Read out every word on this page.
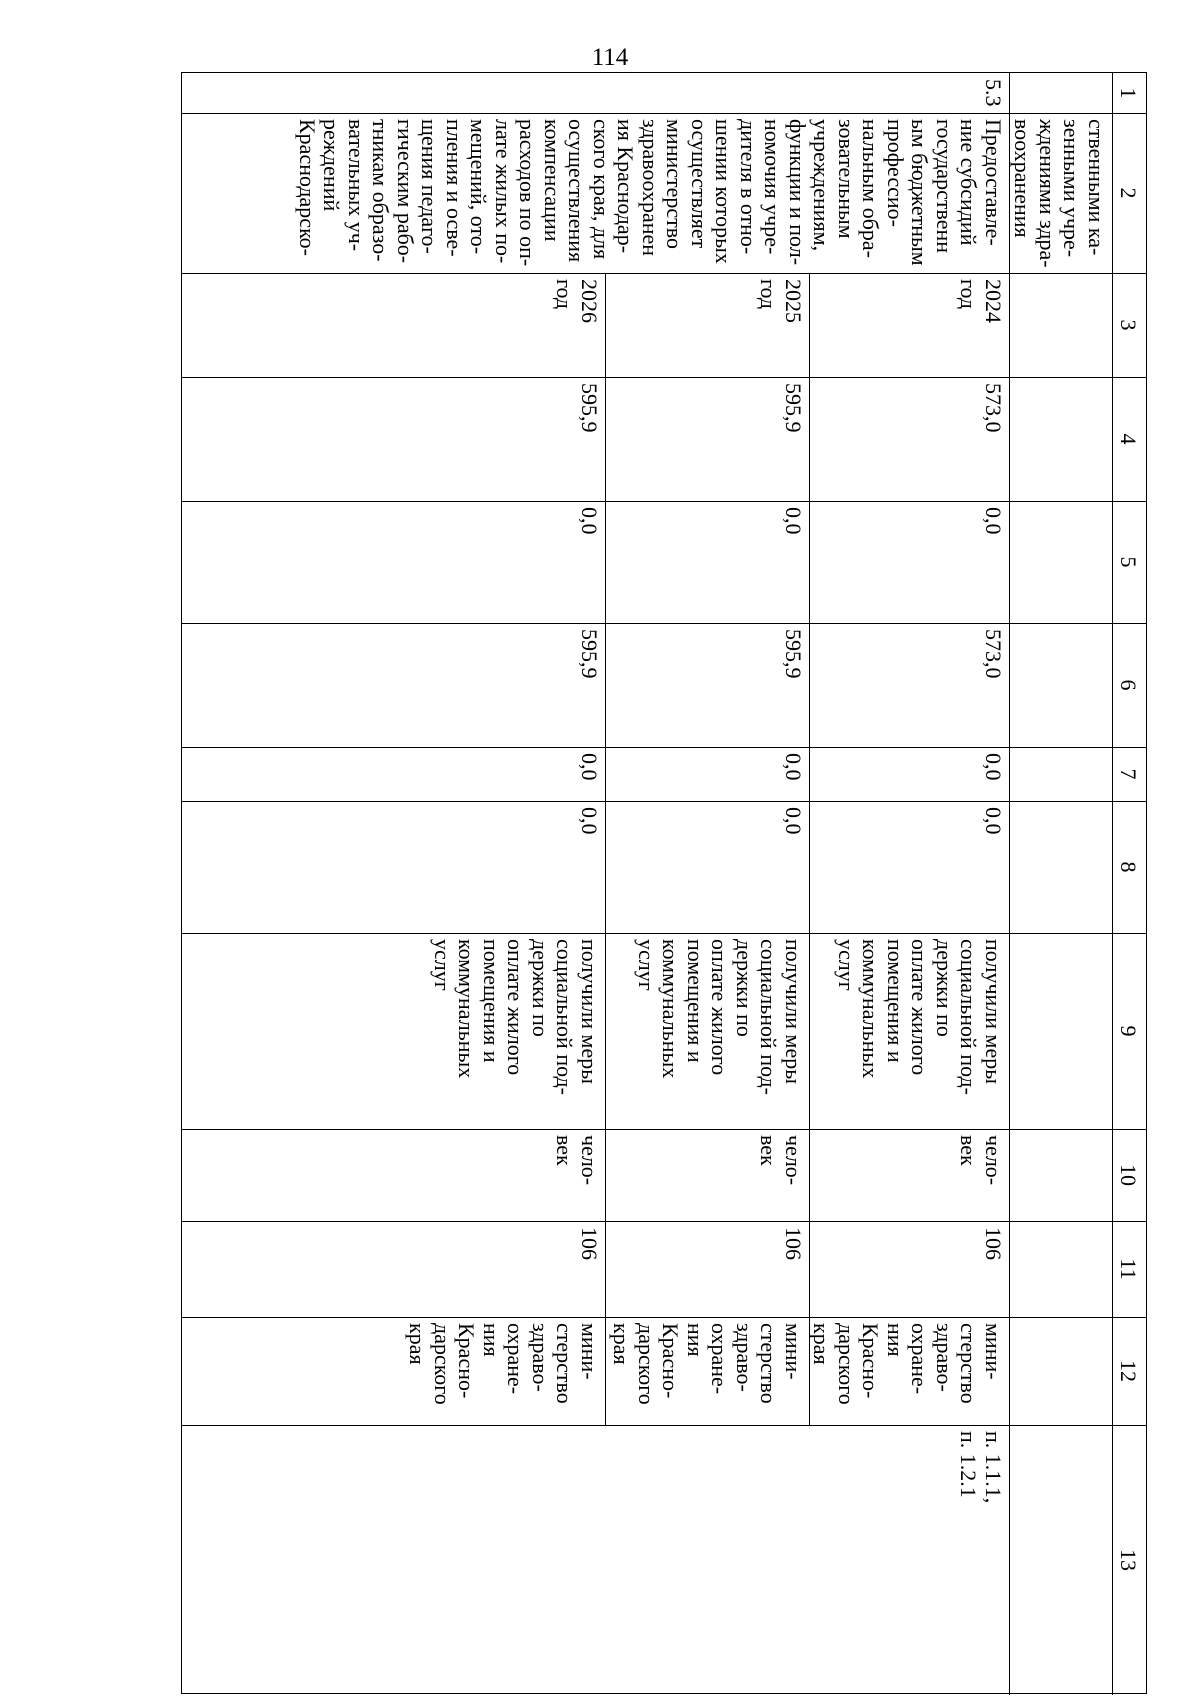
114
1
2
3
4
5
6
7
8
9
10
11
12
13
ственными ка-
зенными учре-
ждениями здра-
воохранения
5.3
Предоставле-
ние субсидий
государственн
ым бюджетным
профессио-
нальным обра-
зовательным
учреждениям,
функции и пол-
номочия учре-
дителя в отно-
шении которых
осуществляет
министерство
здравоохранен
ия Краснодар-
ского края, для
осуществления
компенсации
расходов по оп-
лате жилых по-
мещений, ото-
пления и осве-
щения педаго-
гическим рабо-
тникам образо-
вательных уч-
реждений
Краснодарско-
п. 1.1.1,
п. 1.2.1
2024
год
573,0
0,0
573,0
0,0
0,0
получили меры
социальной под-
держки по
оплате жилого
помещения и
коммунальных
услуг
чело-
век
106
мини-
стерство
здраво-
охране-
ния
Красно-
дарского
края
2025
год
595,9
0,0
595,9
0,0
0,0
получили меры
социальной под-
держки по
оплате жилого
помещения и
коммунальных
услуг
чело-
век
106
мини-
стерство
здраво-
охране-
ния
Красно-
дарского
края
2026
год
595,9
0,0
595,9
0,0
0,0
получили меры
социальной под-
держки по
оплате жилого
помещения и
коммунальных
услуг
чело-
век
106
мини-
стерство
здраво-
охране-
ния
Красно-
дарского
края
